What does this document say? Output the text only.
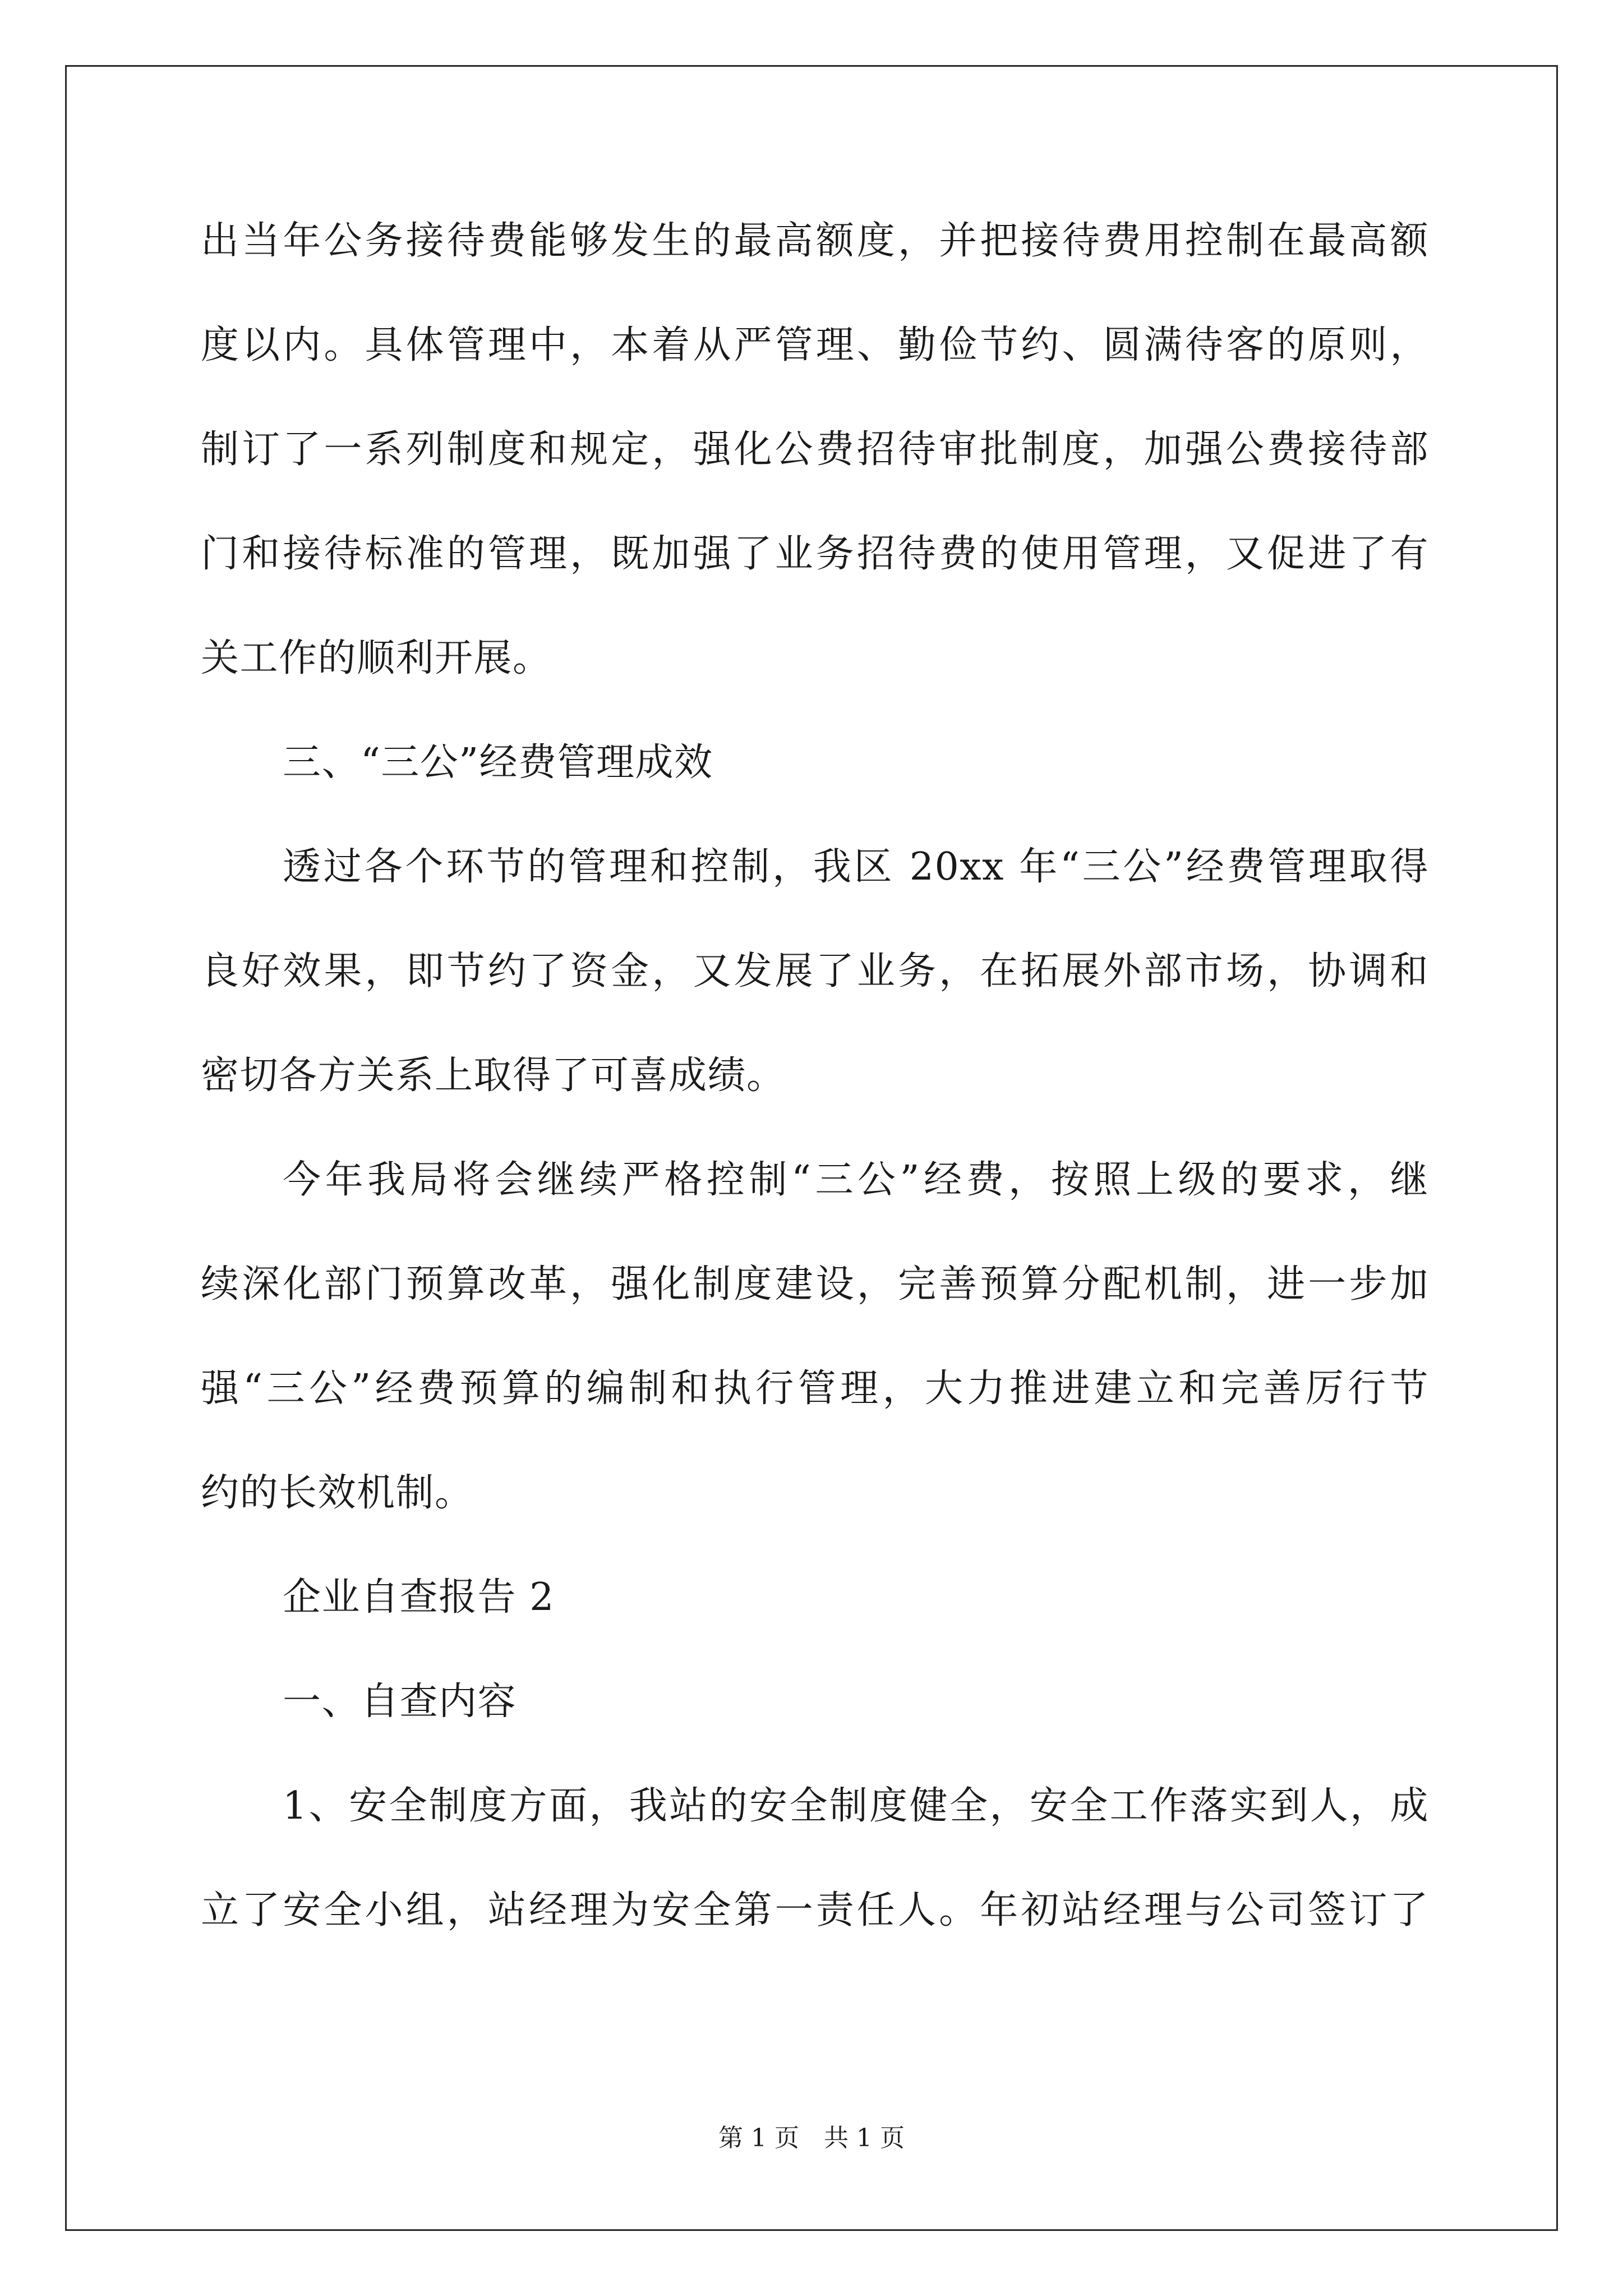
出当年公务接待费能够发生的最高额度，并把接待费用控制在最高额
度以内。具体管理中，本着从严管理、勤俭节约、圆满待客的原则，
制订了一系列制度和规定，强化公费招待审批制度，加强公费接待部
门和接待标准的管理，既加强了业务招待费的使用管理，又促进了有
关工作的顺利开展。
三、“三公”经费管理成效
透过各个环节的管理和控制，我区 20xx 年“三公”经费管理取得
良好效果，即节约了资金，又发展了业务，在拓展外部市场，协调和
密切各方关系上取得了可喜成绩。
今年我局将会继续严格控制“三公”经费，按照上级的要求，继
续深化部门预算改革，强化制度建设，完善预算分配机制，进一步加
强“三公”经费预算的编制和执行管理，大力推进建立和完善厉行节
约的长效机制。
企业自查报告 2
一、自查内容
1、安全制度方面，我站的安全制度健全，安全工作落实到人，成
立了安全小组，站经理为安全第一责任人。年初站经理与公司签订了
第 1 页　共 1 页
